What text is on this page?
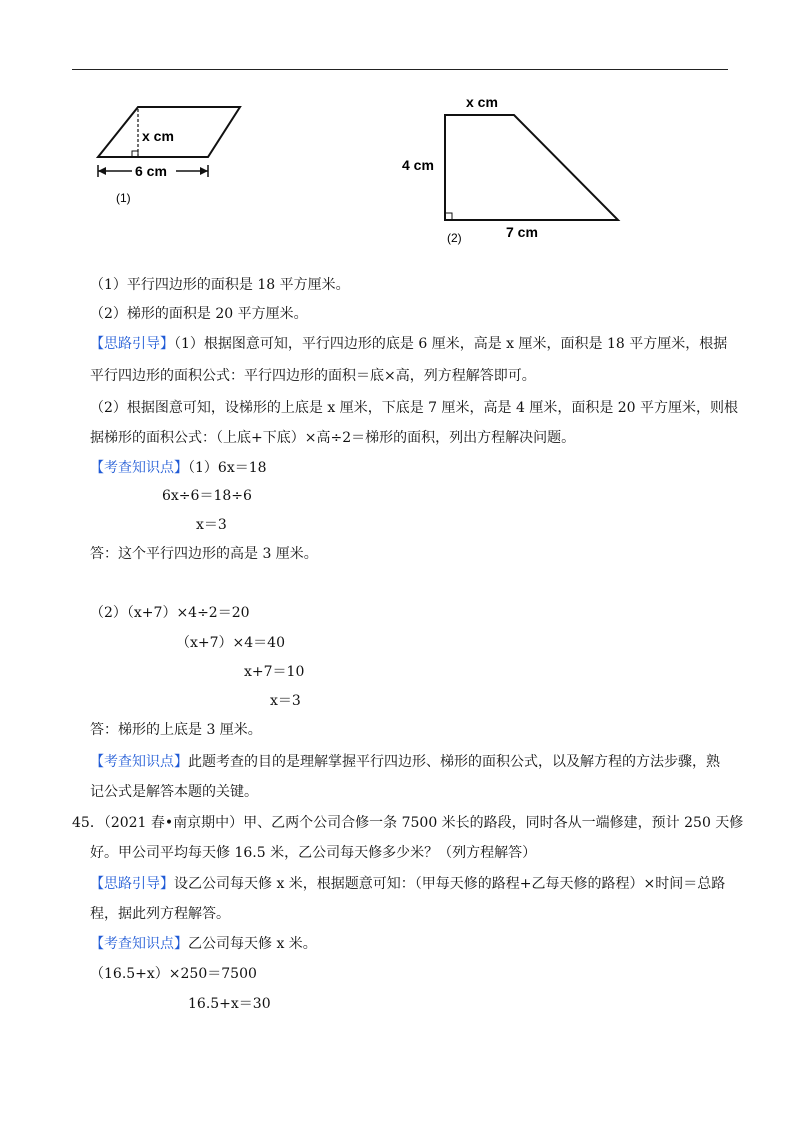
x cm
6 cm
(1)
x cm
4 cm
7 cm
(2)
（1）平行四边形的面积是 18 平方厘米。
（2）梯形的面积是 20 平方厘米。
【思路引导】（1）根据图意可知，平行四边形的底是 6 厘米，高是 x 厘米，面积是 18 平方厘米，根据
平行四边形的面积公式：平行四边形的面积＝底×高，列方程解答即可。
（2）根据图意可知，设梯形的上底是 x 厘米，下底是 7 厘米，高是 4 厘米，面积是 20 平方厘米，则根
据梯形的面积公式：（上底+下底）×高÷2＝梯形的面积，列出方程解决问题。
【考查知识点】（1）6x＝18
6x÷6＝18÷6
x＝3
答：这个平行四边形的高是 3 厘米。
（2）（x+7）×4÷2＝20
（x+7）×4＝40
x+7＝10
x＝3
答：梯形的上底是 3 厘米。
【考查知识点】此题考查的目的是理解掌握平行四边形、梯形的面积公式，以及解方程的方法步骤，熟
记公式是解答本题的关键。
45．（2021 春•南京期中）甲、乙两个公司合修一条 7500 米长的路段，同时各从一端修建，预计 250 天修
好。甲公司平均每天修 16.5 米，乙公司每天修多少米？（列方程解答）
【思路引导】设乙公司每天修 x 米，根据题意可知：（甲每天修的路程+乙每天修的路程）×时间＝总路
程，据此列方程解答。
【考查知识点】乙公司每天修 x 米。
（16.5+x）×250＝7500
16.5+x＝30
